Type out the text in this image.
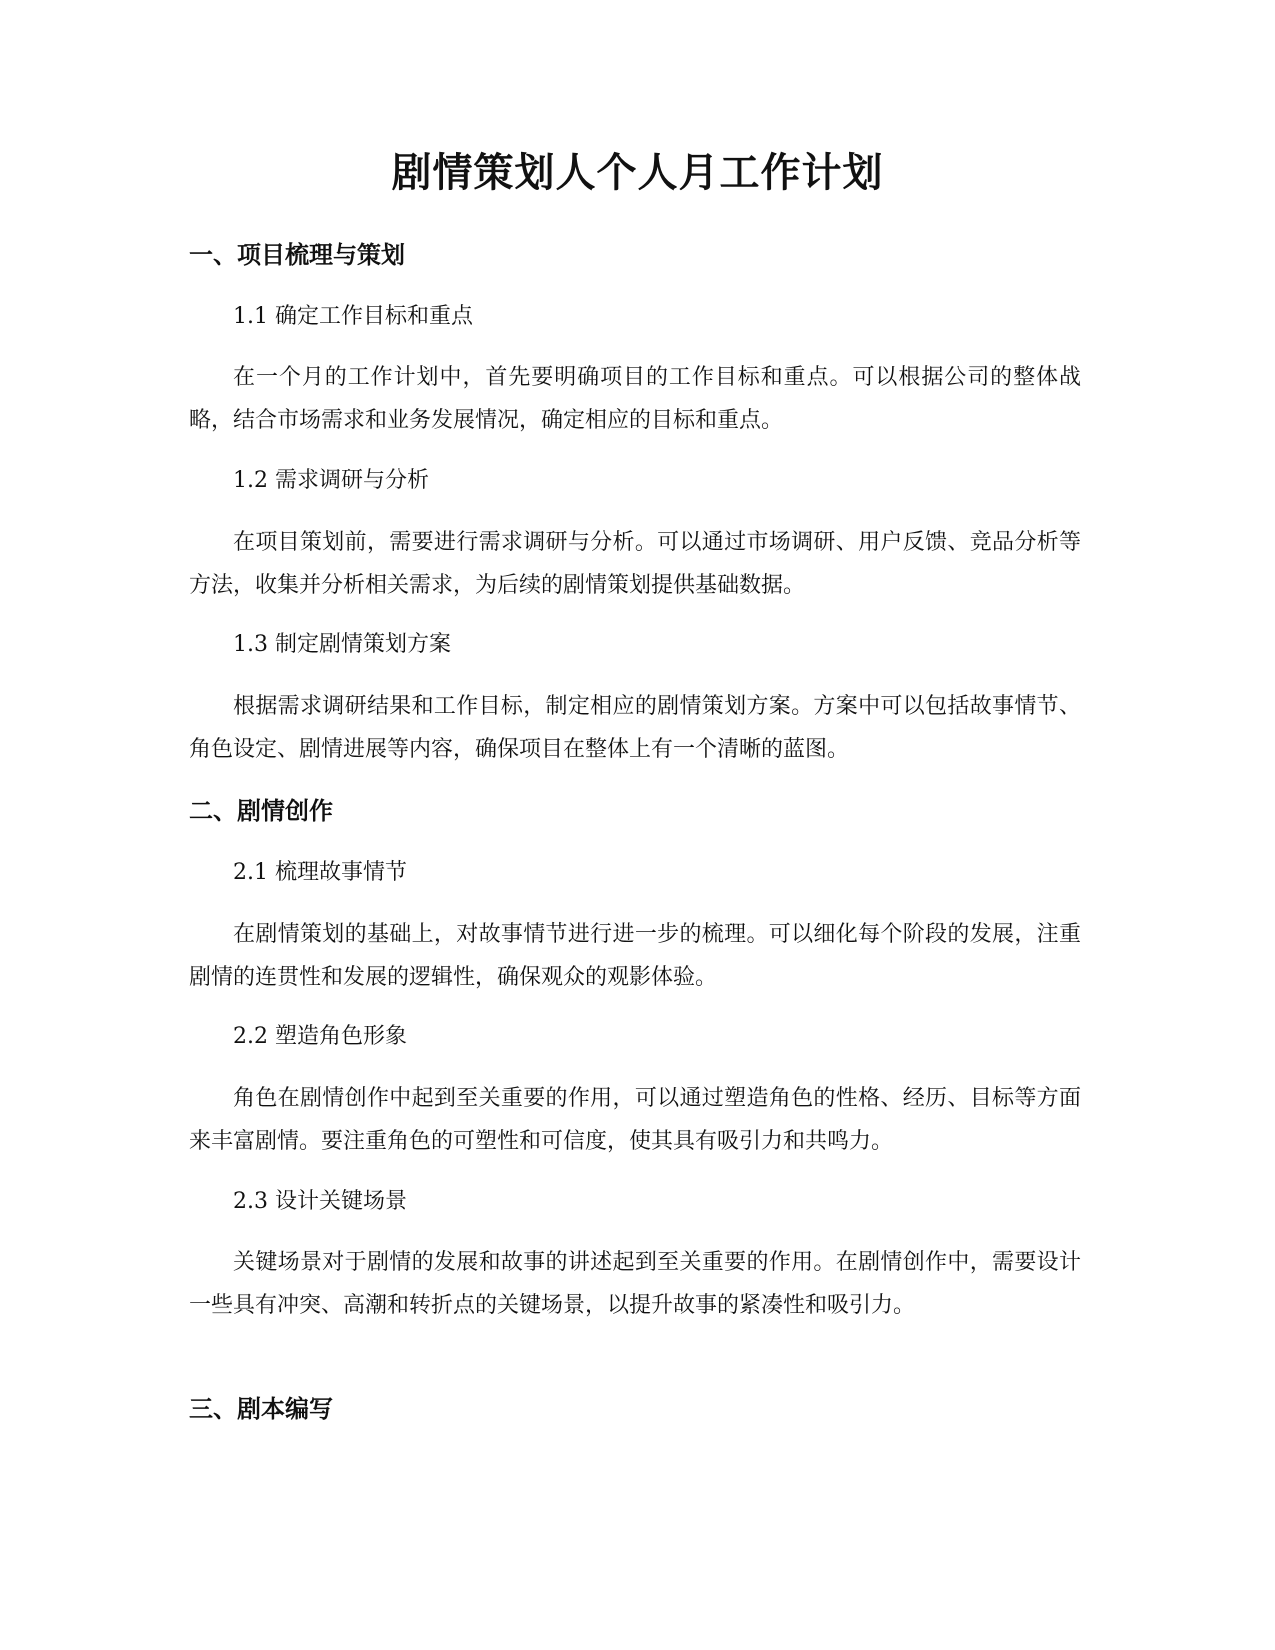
剧情策划人个人月工作计划
一、项目梳理与策划
1.1 确定工作目标和重点

在一个月的工作计划中，首先要明确项目的工作目标和重点。可以根据公司的整体战略，结合市场需求和业务发展情况，确定相应的目标和重点。

1.2 需求调研与分析

在项目策划前，需要进行需求调研与分析。可以通过市场调研、用户反馈、竞品分析等方法，收集并分析相关需求，为后续的剧情策划提供基础数据。

1.3 制定剧情策划方案

根据需求调研结果和工作目标，制定相应的剧情策划方案。方案中可以包括故事情节、角色设定、剧情进展等内容，确保项目在整体上有一个清晰的蓝图。

二、剧情创作
2.1 梳理故事情节

在剧情策划的基础上，对故事情节进行进一步的梳理。可以细化每个阶段的发展，注重剧情的连贯性和发展的逻辑性，确保观众的观影体验。

2.2 塑造角色形象

角色在剧情创作中起到至关重要的作用，可以通过塑造角色的性格、经历、目标等方面来丰富剧情。要注重角色的可塑性和可信度，使其具有吸引力和共鸣力。

2.3 设计关键场景

关键场景对于剧情的发展和故事的讲述起到至关重要的作用。在剧情创作中，需要设计一些具有冲突、高潮和转折点的关键场景，以提升故事的紧凑性和吸引力。

三、剧本编写
